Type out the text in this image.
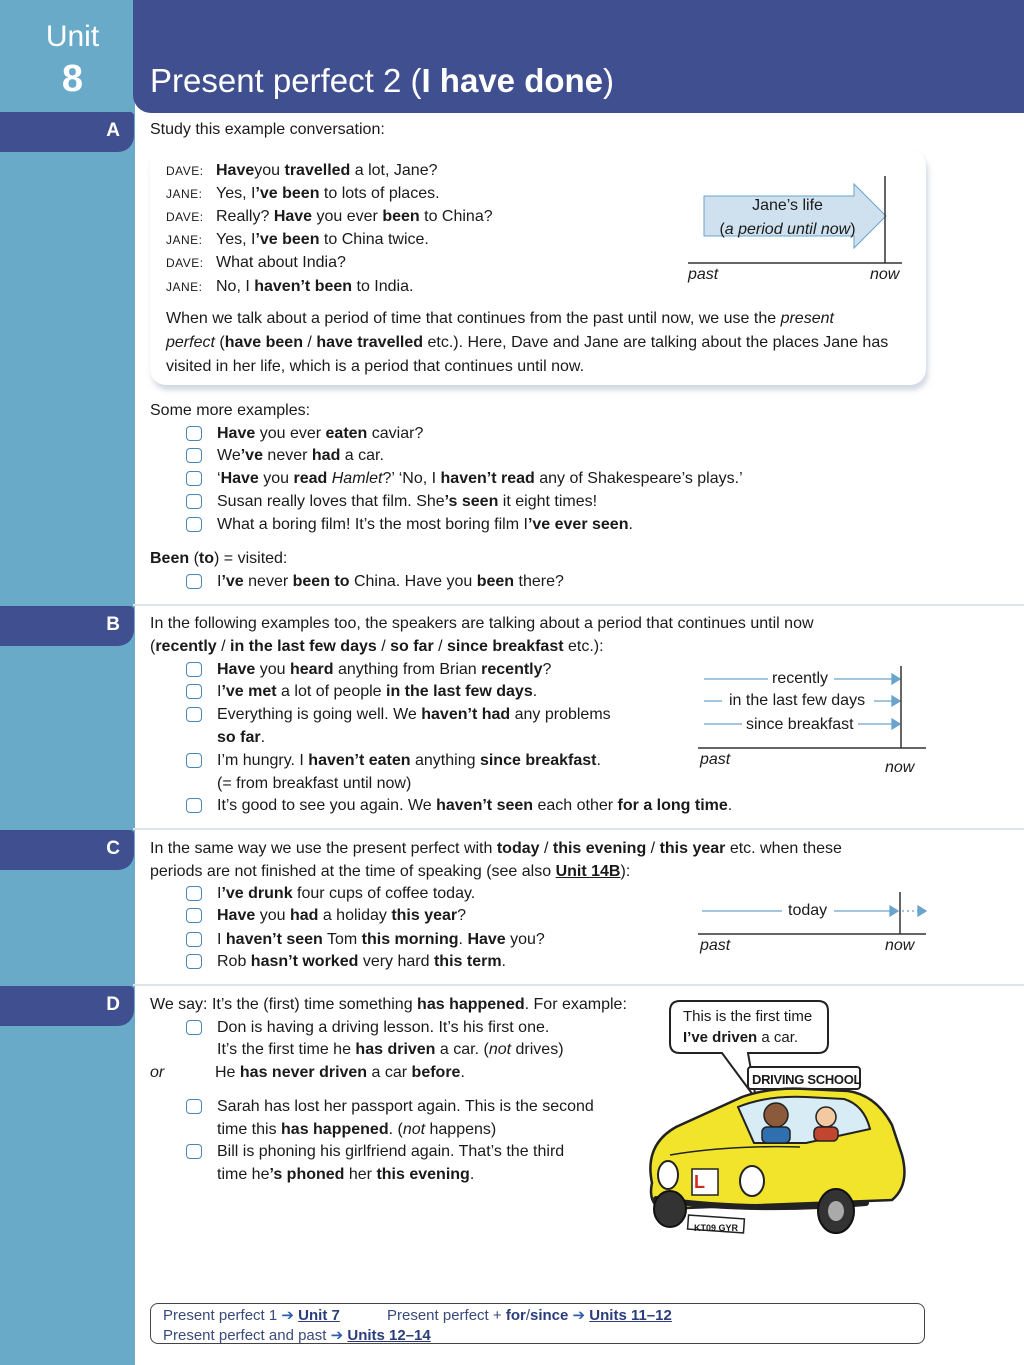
Unit
8	Present perfect 2 (I have done)
A
B
C
D
Study this example conversation:
Jane’s life
(a period until now)
past	now
When we talk about a period of time that continues from the past until now, we use the present
perfect (have been / have travelled etc.). Here, Dave and Jane are talking about the places Jane has
visited in her life, which is a period that continues until now.
Some more examples:
Been (to) = visited:
I’ve never been to China. Have you been there?
In the following examples too, the speakers are talking about a period that continues until now
(recently / in the last few days / so far / since breakfast etc.):
Have you heard anything from Brian recently?
I’ve met a lot of people in the last few days.
Everything is going well. We haven’t had any problems
so far.
I’m hungry. I haven’t eaten anything since breakfast.
(= from breakfast until now)
It’s good to see you again. We haven’t seen each other for a long time.
recently
in the last few days
since breakfast
past	now
In the same way we use the present perfect with today / this evening / this year etc. when these
periods are not finished at the time of speaking (see also Unit 14B):
I’ve drunk four cups of coffee today.
Have you had a holiday this year?
I haven’t seen Tom this morning. Have you?
Rob hasn’t worked very hard this term.
today
past	now
We say: It’s the (first) time something has happened. For example:
Don is having a driving lesson. It’s his first one.
It’s the first time he has driven a car. (not drives)
or	He has never driven a car before.
Sarah has lost her passport again. This is the second
time this has happened. (not happens)
Bill is phoning his girlfriend again. That’s the third
time he’s phoned her this evening.
This is the first time
I’ve driven a car.
DRIVING SCHOOL
L
KT09 GYR
Present perfect 1 ➔ Unit 7	Present perfect + for/since ➔ Units 11–12
Present perfect and past ➔ Units 12–14
DAVE: Haveyou travelled a lot, Jane?
JANE: Yes, I’ve been to lots of places.
DAVE: Really? Have you ever been to China?
JANE: Yes, I’ve been to China twice.
DAVE: What about India?
JANE: No, I haven’t been to India.
Have you ever eaten caviar?
We’ve never had a car.
‘Have you read Hamlet?’ ‘No, I haven’t read any of Shakespeare’s plays.’
Susan really loves that film. She’s seen it eight times!
What a boring film! It’s the most boring film I’ve ever seen.
